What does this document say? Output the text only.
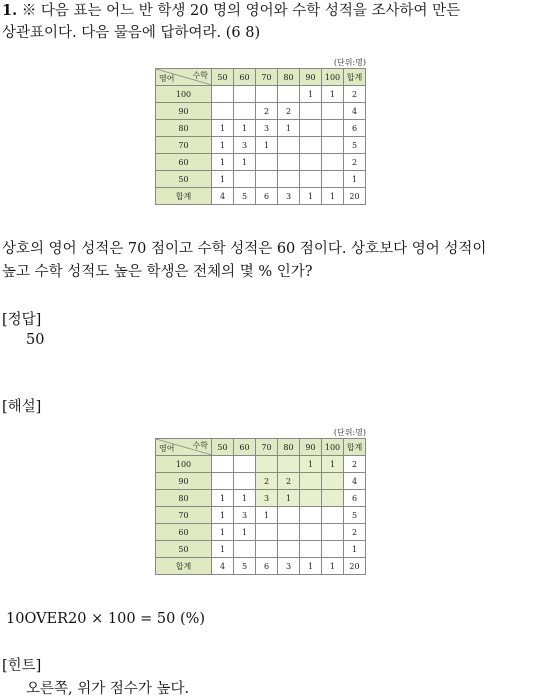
1. ※ 다음 표는 어느 반 학생 20 명의 영어와 수학 성적을 조사하여 만든
상관표이다. 다음 물음에 답하여라. (6 8)
(단위:명)
수학
영어	50	60	70	80	90	100	합계
100					1	1	2
90			2	2			4
80	1	1	3	1			6
70	1	3	1				5
60	1	1					2
50	1						1
합계	4	5	6	3	1	1	20
상호의 영어 성적은 70 점이고 수학 성적은 60 점이다. 상호보다 영어 성적이
높고 수학 성적도 높은 학생은 전체의 몇 % 인가?
[정답]
50
[해설]
(단위:명)
수학
영어	50	60	70	80	90	100	합계
100					1	1	2
90			2	2			4
80	1	1	3	1			6
70	1	3	1				5
60	1	1					2
50	1						1
합계	4	5	6	3	1	1	20
10OVER20 × 100 = 50 (%)
[힌트]
오른쪽, 위가 점수가 높다.
